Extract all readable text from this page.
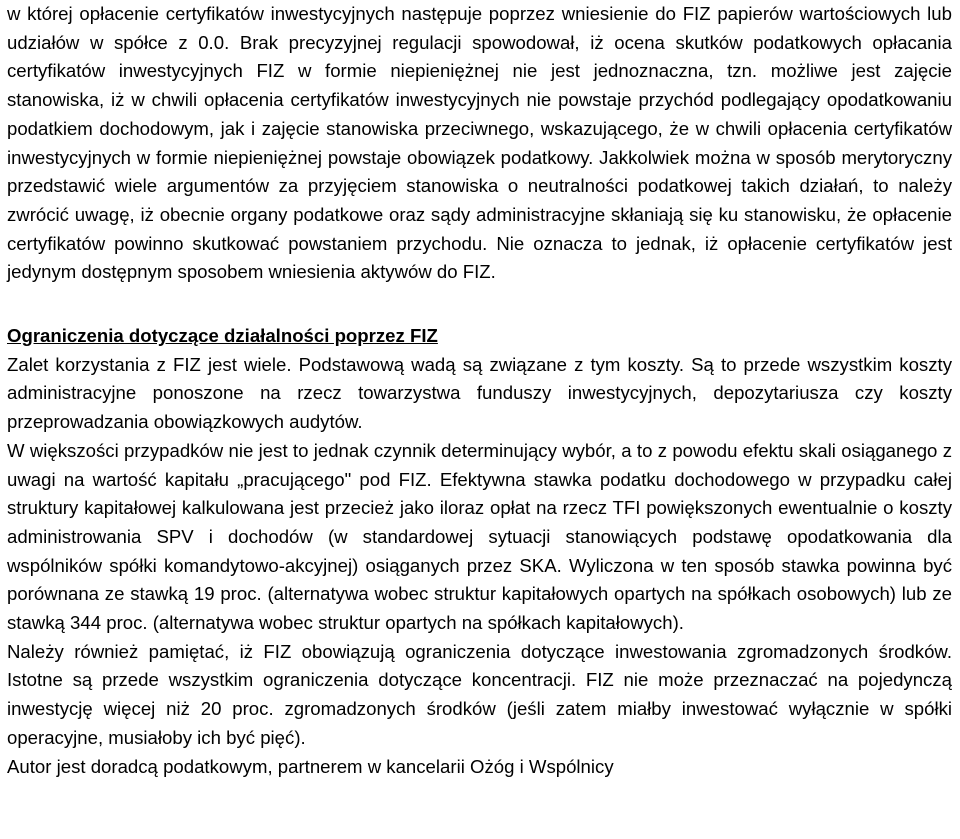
w której opłacenie certyfikatów inwestycyjnych następuje poprzez wniesienie do FIZ papierów wartościowych lub udziałów w spółce z 0.0. Brak precyzyjnej regulacji spowodował, iż ocena skutków podatkowych opłacania certyfikatów inwestycyjnych FIZ w formie niepieniężnej nie jest jednoznaczna, tzn. możliwe jest zajęcie stanowiska, iż w chwili opłacenia certyfikatów inwestycyjnych nie powstaje przychód podlegający opodatkowaniu podatkiem dochodowym, jak i zajęcie stanowiska przeciwnego, wskazującego, że w chwili opłacenia certyfikatów inwestycyjnych w formie niepieniężnej powstaje obowiązek podatkowy. Jakkolwiek można w sposób merytoryczny przedstawić wiele argumentów za przyjęciem stanowiska o neutralności podatkowej takich działań, to należy zwrócić uwagę, iż obecnie organy podatkowe oraz sądy administracyjne skłaniają się ku stanowisku, że opłacenie certyfikatów powinno skutkować powstaniem przychodu. Nie oznacza to jednak, iż opłacenie certyfikatów jest jedynym dostępnym sposobem wniesienia aktywów do FIZ.

Ograniczenia dotyczące działalności poprzez FIZ

Zalet korzystania z FIZ jest wiele. Podstawową wadą są związane z tym koszty. Są to przede wszystkim koszty administracyjne ponoszone na rzecz towarzystwa funduszy inwestycyjnych, depozytariusza czy koszty przeprowadzania obowiązkowych audytów.

W większości przypadków nie jest to jednak czynnik determinujący wybór, a to z powodu efektu skali osiąganego z uwagi na wartość kapitału „pracującego" pod FIZ. Efektywna stawka podatku dochodowego w przypadku całej struktury kapitałowej kalkulowana jest przecież jako iloraz opłat na rzecz TFI powiększonych ewentualnie o koszty administrowania SPV i dochodów (w standardowej sytuacji stanowiących podstawę opodatkowania dla wspólników spółki komandytowo-akcyjnej) osiąganych przez SKA. Wyliczona w ten sposób stawka powinna być porównana ze stawką 19 proc. (alternatywa wobec struktur kapitałowych opartych na spółkach osobowych) lub ze stawką 344 proc. (alternatywa wobec struktur opartych na spółkach kapitałowych).

Należy również pamiętać, iż FIZ obowiązują ograniczenia dotyczące inwestowania zgromadzonych środków. Istotne są przede wszystkim ograniczenia dotyczące koncentracji. FIZ nie może przeznaczać na pojedynczą inwestycję więcej niż 20 proc. zgromadzonych środków (jeśli zatem miałby inwestować wyłącznie w spółki operacyjne, musiałoby ich być pięć).

Autor jest doradcą podatkowym, partnerem w kancelarii Ożóg i Wspólnicy
